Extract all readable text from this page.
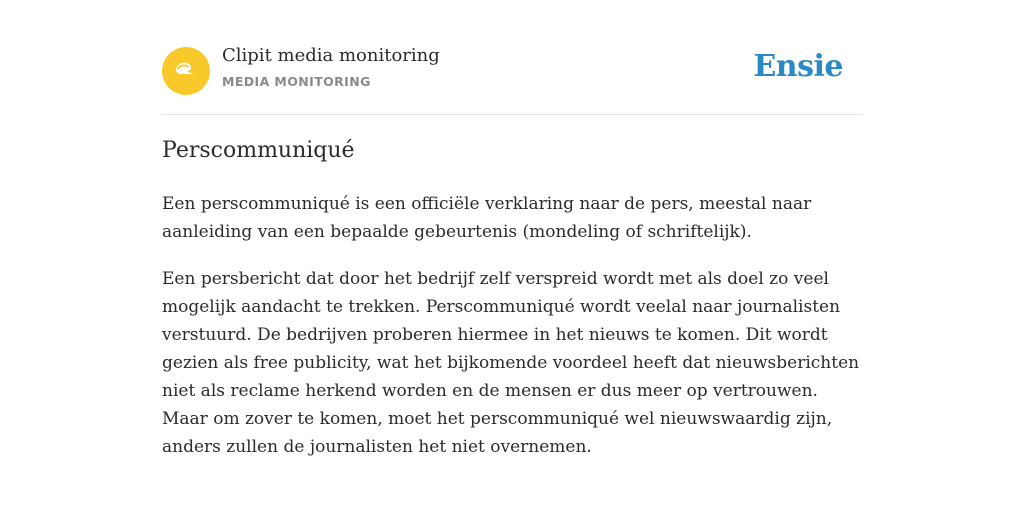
Clipit media monitoring
MEDIA MONITORING	Ensie
Perscommuniqué

Een perscommuniqué is een officiële verklaring naar de pers, meestal naar aanleiding van een bepaalde gebeurtenis (mondeling of schriftelijk).

Een persbericht dat door het bedrijf zelf verspreid wordt met als doel zo veel mogelijk aandacht te trekken. Perscommuniqué wordt veelal naar journalisten verstuurd. De bedrijven proberen hiermee in het nieuws te komen. Dit wordt gezien als free publicity, wat het bijkomende voordeel heeft dat nieuwsberichten niet als reclame herkend worden en de mensen er dus meer op vertrouwen. Maar om zover te komen, moet het perscommuniqué wel nieuwswaardig zijn, anders zullen de journalisten het niet overnemen.
